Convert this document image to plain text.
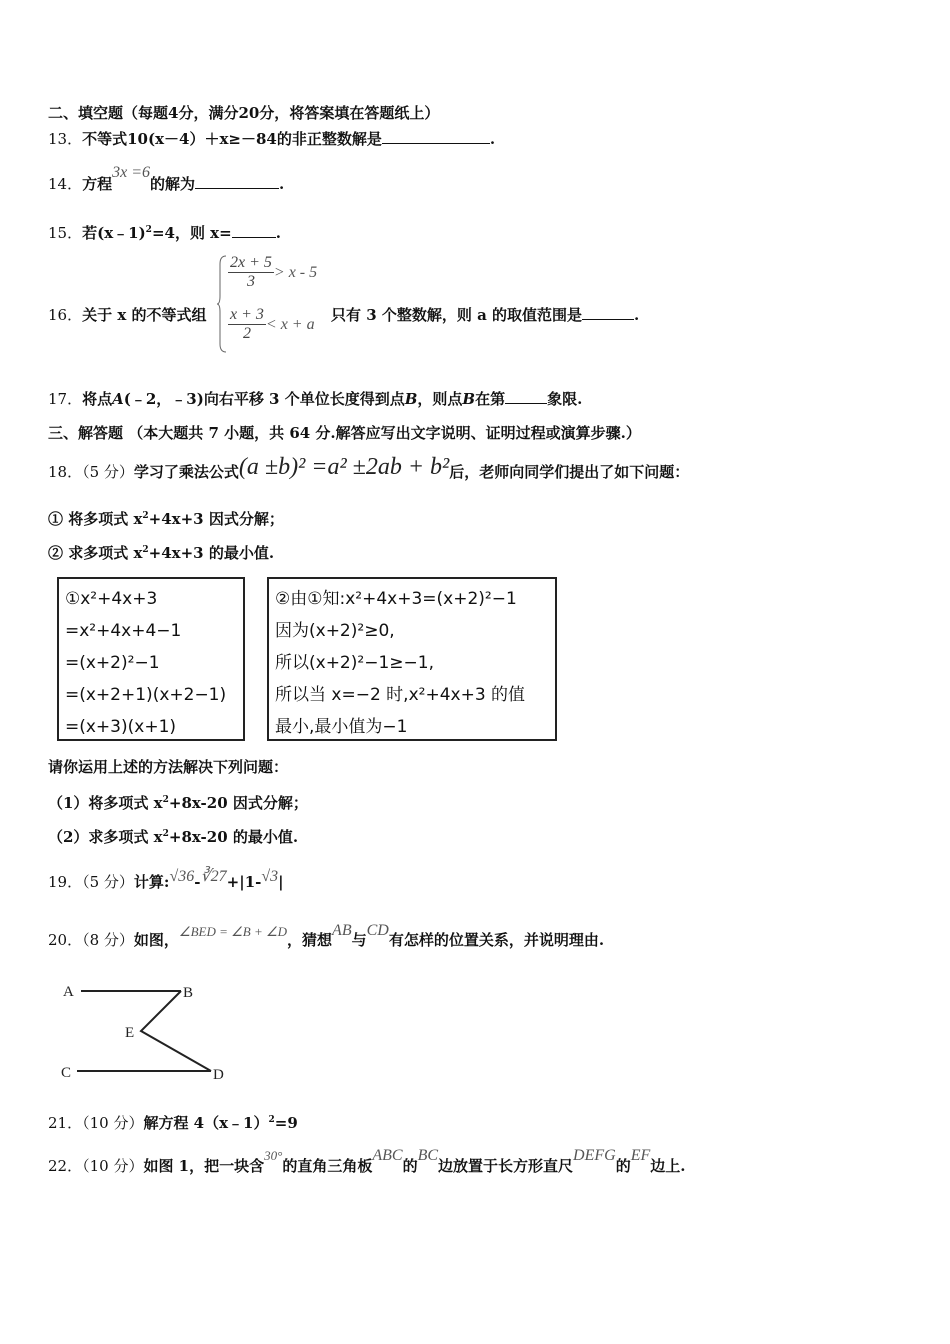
二、填空题（每题4分，满分20分，将答案填在答题纸上）
13．不等式10(x－4）＋x≥－84的非正整数解是	.
14．方程3x =6的解为	.
15．若(x﹣1)$^2$=4，则 x=	.
16．关于 x 的不等式组
$\frac{2x + 5}{3} > x - 5$
$\frac{x + 3}{2} < x + a$
只有 3 个整数解，则 a 的取值范围是	.
17．将点A(﹣2，﹣3)向右平移 3 个单位长度得到点B，则点B在第	象限.
三、解答题 （本大题共 7 小题，共 64 分.解答应写出文字说明、证明过程或演算步骤.）
18．（5 分）学习了乘法公式(a ±b)² =a² ±2ab + b²后，老师向同学们提出了如下问题：
① 将多项式 $x^2+4x+3$ 因式分解；
② 求多项式 $x^2+4x+3$ 的最小值.
①x²+4x+3
=x²+4x+4−1
=(x+2)²−1
=(x+2+1)(x+2−1)
=(x+3)(x+1)
②由①知:x²+4x+3=(x+2)²−1
因为(x+2)²≥0,
所以(x+2)²−1≥−1,
所以当 x=−2 时,x²+4x+3 的值
最小,最小值为−1
请你运用上述的方法解决下列问题：
（1）将多项式 $x^2+8x-20$ 因式分解；
（2）求多项式 $x^2+8x-20$ 的最小值.
19．（5 分）计算:√36-∛27+|1-√3|
20．（8 分）如图，∠BED = ∠B + ∠D，猜想AB与CD有怎样的位置关系，并说明理由.
A	B
E
C	D
21．（10 分）解方程 4（x﹣1）$^2$=9
22．（10 分）如图 1，把一块含30°的直角三角板ABC的BC边放置于长方形直尺DEFG的EF边上.
